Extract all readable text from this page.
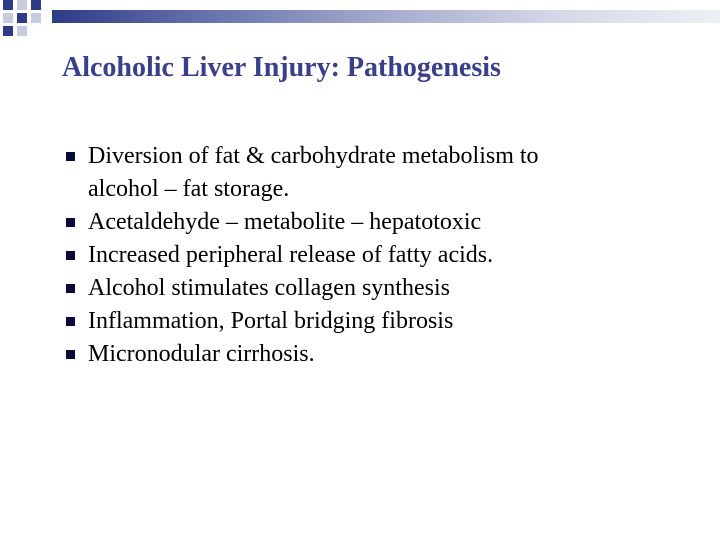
Alcoholic Liver Injury: Pathogenesis
Diversion of fat & carbohydrate metabolism to
alcohol – fat storage.
Acetaldehyde – metabolite – hepatotoxic
Increased peripheral release of fatty acids.
Alcohol stimulates collagen synthesis
Inflammation, Portal bridging fibrosis
Micronodular cirrhosis.
